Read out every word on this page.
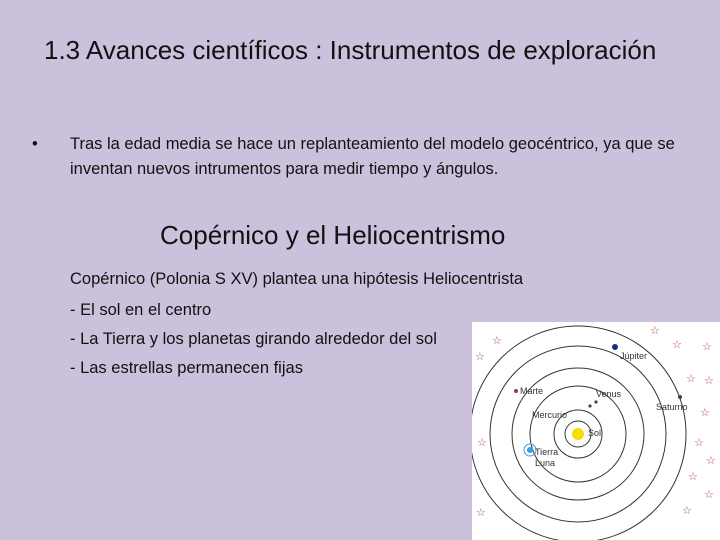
1.3 Avances científicos : Instrumentos de exploración
• Tras la edad media se hace un replanteamiento del modelo geocéntrico, ya que se inventan nuevos intrumentos para medir tiempo y ángulos.
Copérnico y el Heliocentrismo
Copérnico (Polonia S XV) plantea una hipótesis Heliocentrista
- El sol en el centro
- La Tierra y los planetas girando alrededor del sol
- Las estrellas permanecen fijas
Sol
Mercurio
Venus
Tierra
Luna
Marte
Júpiter
Saturno
☆
☆
☆
☆ ☆
☆ ☆
☆
☆
☆
☆
☆
☆
☆
☆
